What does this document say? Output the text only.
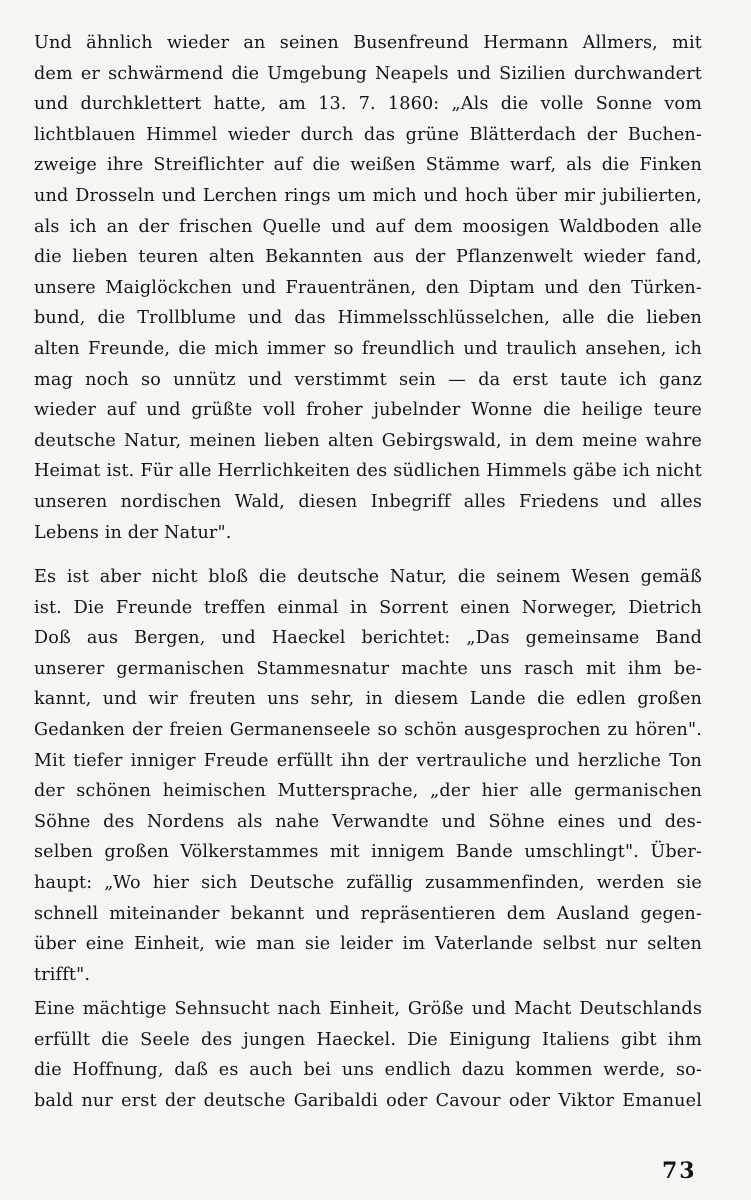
Und ähnlich wieder an seinen Busenfreund Hermann Allmers, mit
dem er schwärmend die Umgebung Neapels und Sizilien durchwandert
und durchklettert hatte, am 13. 7. 1860: „Als die volle Sonne vom
lichtblauen Himmel wieder durch das grüne Blätterdach der Buchen-
zweige ihre Streiflichter auf die weißen Stämme warf, als die Finken
und Drosseln und Lerchen rings um mich und hoch über mir jubilierten,
als ich an der frischen Quelle und auf dem moosigen Waldboden alle
die lieben teuren alten Bekannten aus der Pflanzenwelt wieder fand,
unsere Maiglöckchen und Frauentränen, den Diptam und den Türken-
bund, die Trollblume und das Himmelsschlüsselchen, alle die lieben
alten Freunde, die mich immer so freundlich und traulich ansehen, ich
mag noch so unnütz und verstimmt sein — da erst taute ich ganz
wieder auf und grüßte voll froher jubelnder Wonne die heilige teure
deutsche Natur, meinen lieben alten Gebirgswald, in dem meine wahre
Heimat ist. Für alle Herrlichkeiten des südlichen Himmels gäbe ich nicht
unseren nordischen Wald, diesen Inbegriff alles Friedens und alles
Lebens in der Natur".
Es ist aber nicht bloß die deutsche Natur, die seinem Wesen gemäß
ist. Die Freunde treffen einmal in Sorrent einen Norweger, Dietrich
Doß aus Bergen, und Haeckel berichtet: „Das gemeinsame Band
unserer germanischen Stammesnatur machte uns rasch mit ihm be-
kannt, und wir freuten uns sehr, in diesem Lande die edlen großen
Gedanken der freien Germanenseele so schön ausgesprochen zu hören".
Mit tiefer inniger Freude erfüllt ihn der vertrauliche und herzliche Ton
der schönen heimischen Muttersprache, „der hier alle germanischen
Söhne des Nordens als nahe Verwandte und Söhne eines und des-
selben großen Völkerstammes mit innigem Bande umschlingt". Über-
haupt: „Wo hier sich Deutsche zufällig zusammenfinden, werden sie
schnell miteinander bekannt und repräsentieren dem Ausland gegen-
über eine Einheit, wie man sie leider im Vaterlande selbst nur selten
trifft".
Eine mächtige Sehnsucht nach Einheit, Größe und Macht Deutschlands
erfüllt die Seele des jungen Haeckel. Die Einigung Italiens gibt ihm
die Hoffnung, daß es auch bei uns endlich dazu kommen werde, so-
bald nur erst der deutsche Garibaldi oder Cavour oder Viktor Emanuel
73
